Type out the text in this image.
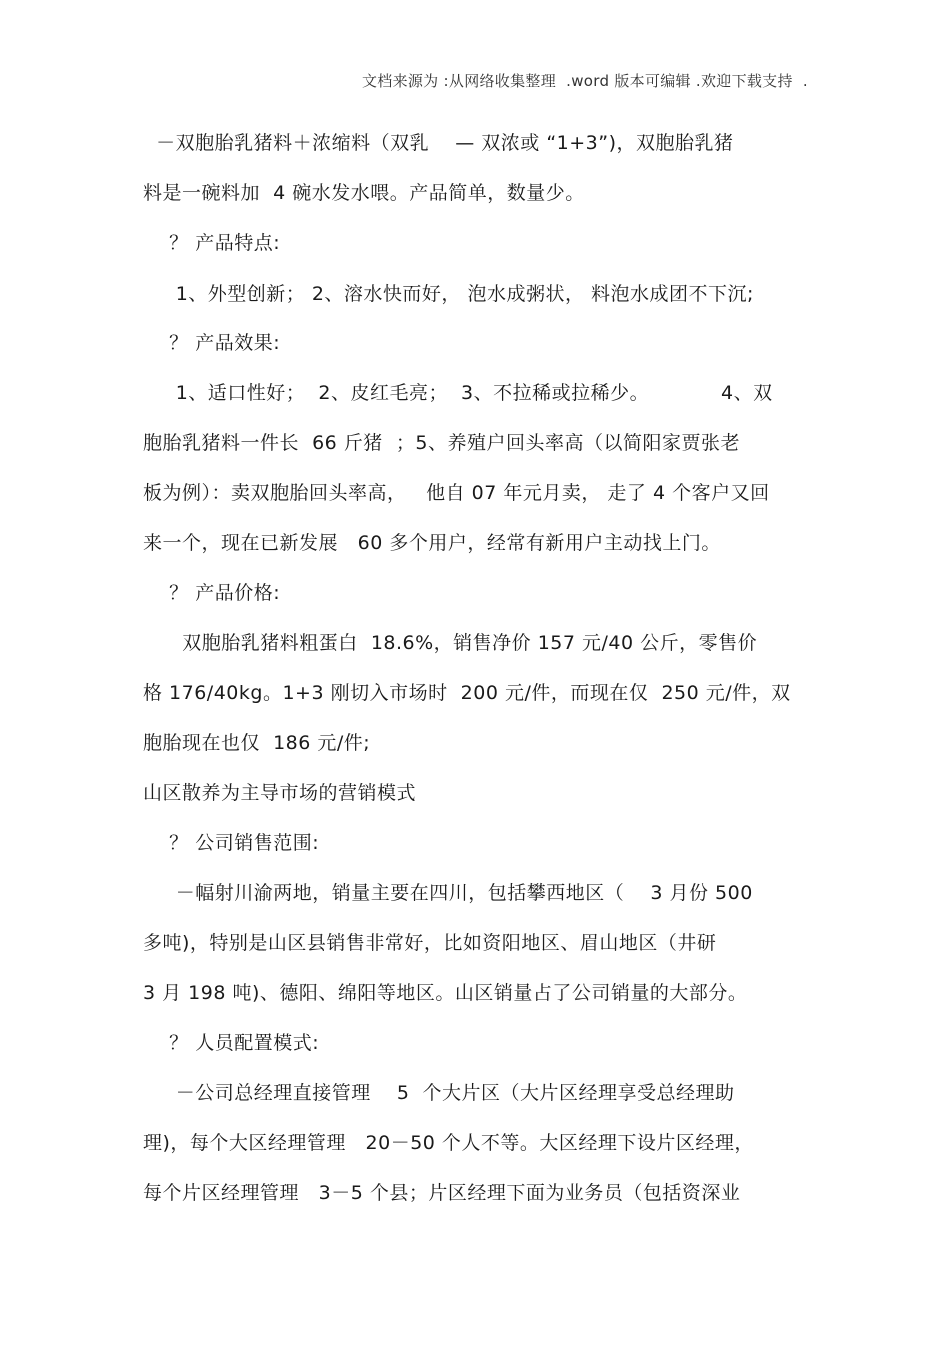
文档来源为 :从网络收集整理  .word 版本可编辑 .欢迎下载支持  .
－双胞胎乳猪料＋浓缩料（双乳    — 双浓或 “1+3”)，双胞胎乳猪
料是一碗料加  4 碗水发水喂。产品简单，数量少。
？ 产品特点:
1、外型创新； 2、溶水快而好， 泡水成粥状， 料泡水成团不下沉;
？ 产品效果:
1、适口性好；  2、皮红毛亮；  3、不拉稀或拉稀少。           4、双
胞胎乳猪料一件长  66 斤猪  ；5、养殖户回头率高（以简阳家贾张老
板为例）：卖双胞胎回头率高，   他自 07 年元月卖， 走了 4 个客户又回
来一个，现在已新发展   60 多个用户，经常有新用户主动找上门。
？ 产品价格:
双胞胎乳猪料粗蛋白  18.6%，销售净价 157 元/40 公斤，零售价
格 176/40kg。1+3 刚切入市场时  200 元/件，而现在仅  250 元/件，双
胞胎现在也仅  186 元/件;
山区散养为主导市场的营销模式
？ 公司销售范围:
－幅射川渝两地，销量主要在四川，包括攀西地区（    3 月份 500
多吨)，特别是山区县销售非常好，比如资阳地区、眉山地区（井研
3 月 198 吨)、德阳、绵阳等地区。山区销量占了公司销量的大部分。
？ 人员配置模式:
－公司总经理直接管理    5  个大片区（大片区经理享受总经理助
理)，每个大区经理管理   20－50 个人不等。大区经理下设片区经理，
每个片区经理管理   3－5 个县；片区经理下面为业务员（包括资深业
